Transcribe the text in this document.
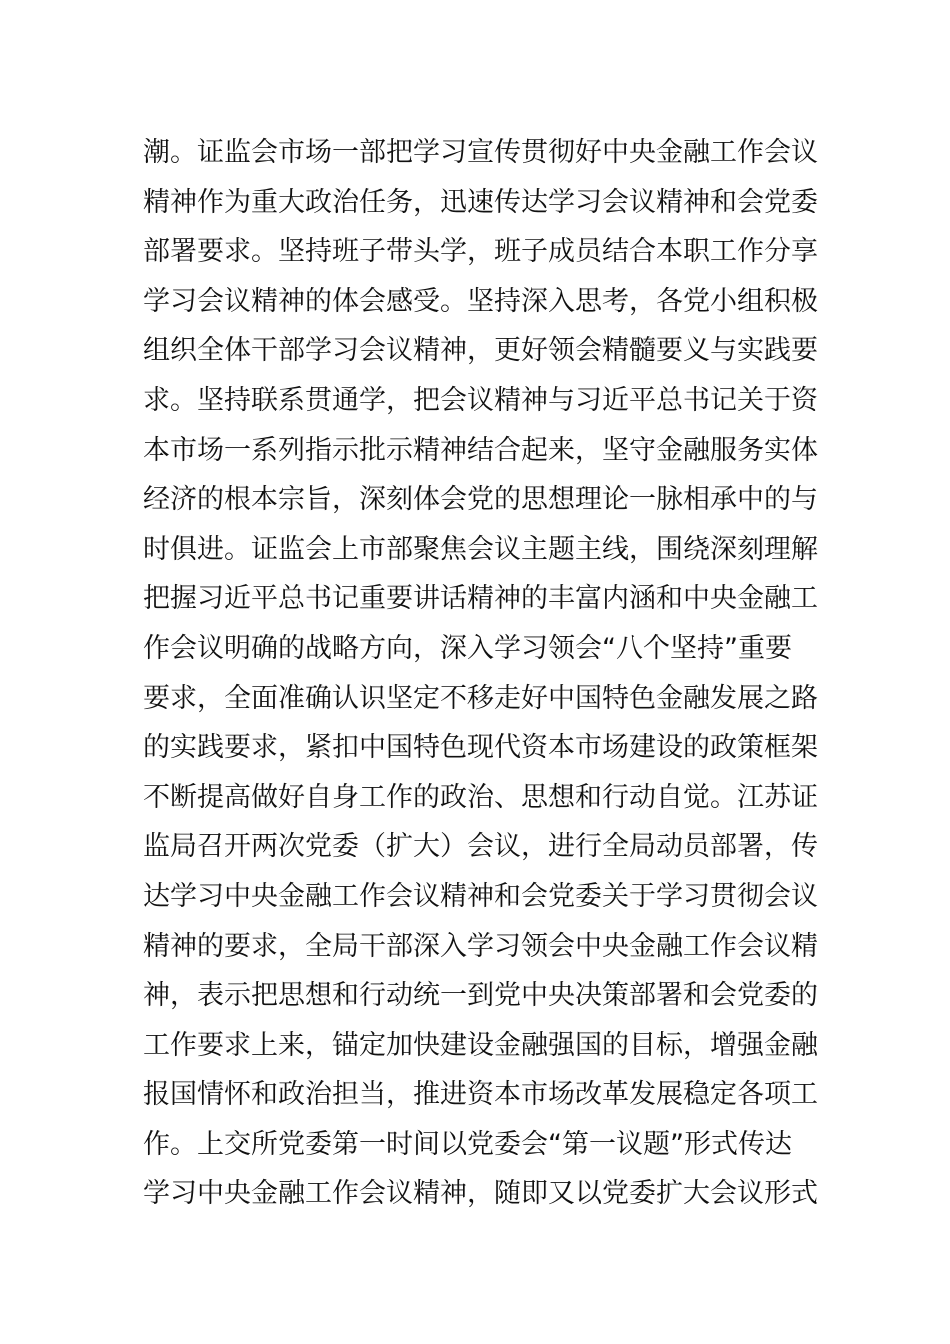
潮。证监会市场一部把学习宣传贯彻好中央金融工作会议
精神作为重大政治任务，迅速传达学习会议精神和会党委
部署要求。坚持班子带头学，班子成员结合本职工作分享
学习会议精神的体会感受。坚持深入思考，各党小组积极
组织全体干部学习会议精神，更好领会精髓要义与实践要
求。坚持联系贯通学，把会议精神与习近平总书记关于资
本市场一系列指示批示精神结合起来，坚守金融服务实体
经济的根本宗旨，深刻体会党的思想理论一脉相承中的与
时俱进。证监会上市部聚焦会议主题主线，围绕深刻理解
把握习近平总书记重要讲话精神的丰富内涵和中央金融工
作会议明确的战略方向，深入学习领会“八个坚持”重要
要求，全面准确认识坚定不移走好中国特色金融发展之路
的实践要求，紧扣中国特色现代资本市场建设的政策框架
不断提高做好自身工作的政治、思想和行动自觉。江苏证
监局召开两次党委（扩大）会议，进行全局动员部署，传
达学习中央金融工作会议精神和会党委关于学习贯彻会议
精神的要求，全局干部深入学习领会中央金融工作会议精
神，表示把思想和行动统一到党中央决策部署和会党委的
工作要求上来，锚定加快建设金融强国的目标，增强金融
报国情怀和政治担当，推进资本市场改革发展稳定各项工
作。上交所党委第一时间以党委会“第一议题”形式传达
学习中央金融工作会议精神，随即又以党委扩大会议形式
